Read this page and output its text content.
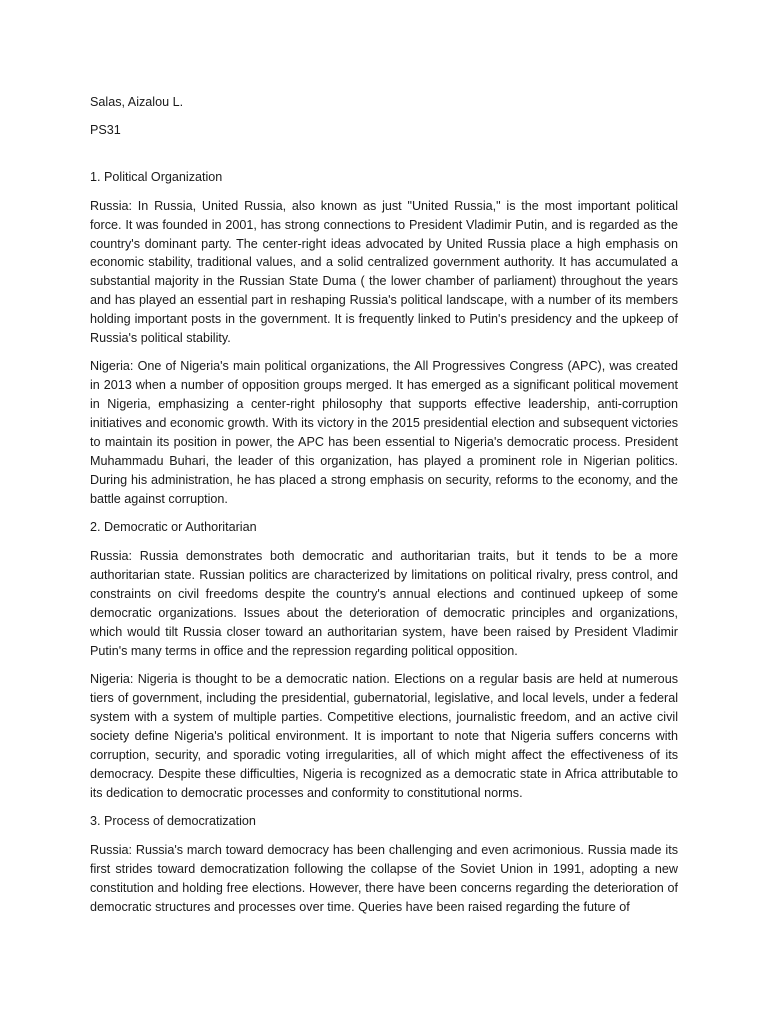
Salas, Aizalou L.

PS31

1. Political Organization

Russia: In Russia, United Russia, also known as just "United Russia," is the most important political force. It was founded in 2001, has strong connections to President Vladimir Putin, and is regarded as the country's dominant party. The center-right ideas advocated by United Russia place a high emphasis on economic stability, traditional values, and a solid centralized government authority. It has accumulated a substantial majority in the Russian State Duma ( the lower chamber of parliament) throughout the years and has played an essential part in reshaping Russia's political landscape, with a number of its members holding important posts in the government. It is frequently linked to Putin's presidency and the upkeep of Russia's political stability.

Nigeria: One of Nigeria's main political organizations, the All Progressives Congress (APC), was created in 2013 when a number of opposition groups merged. It has emerged as a significant political movement in Nigeria, emphasizing a center-right philosophy that supports effective leadership, anti-corruption initiatives and economic growth. With its victory in the 2015 presidential election and subsequent victories to maintain its position in power, the APC has been essential to Nigeria's democratic process. President Muhammadu Buhari, the leader of this organization, has played a prominent role in Nigerian politics. During his administration, he has placed a strong emphasis on security, reforms to the economy, and the battle against corruption.

2. Democratic or Authoritarian

Russia: Russia demonstrates both democratic and authoritarian traits, but it tends to be a more authoritarian state. Russian politics are characterized by limitations on political rivalry, press control, and constraints on civil freedoms despite the country's annual elections and continued upkeep of some democratic organizations. Issues about the deterioration of democratic principles and organizations, which would tilt Russia closer toward an authoritarian system, have been raised by President Vladimir Putin's many terms in office and the repression regarding political opposition.

Nigeria: Nigeria is thought to be a democratic nation. Elections on a regular basis are held at numerous tiers of government, including the presidential, gubernatorial, legislative, and local levels, under a federal system with a system of multiple parties. Competitive elections, journalistic freedom, and an active civil society define Nigeria's political environment. It is important to note that Nigeria suffers concerns with corruption, security, and sporadic voting irregularities, all of which might affect the effectiveness of its democracy. Despite these difficulties, Nigeria is recognized as a democratic state in Africa attributable to its dedication to democratic processes and conformity to constitutional norms.

3. Process of democratization

Russia: Russia's march toward democracy has been challenging and even acrimonious. Russia made its first strides toward democratization following the collapse of the Soviet Union in 1991, adopting a new constitution and holding free elections. However, there have been concerns regarding the deterioration of democratic structures and processes over time. Queries have been raised regarding the future of
